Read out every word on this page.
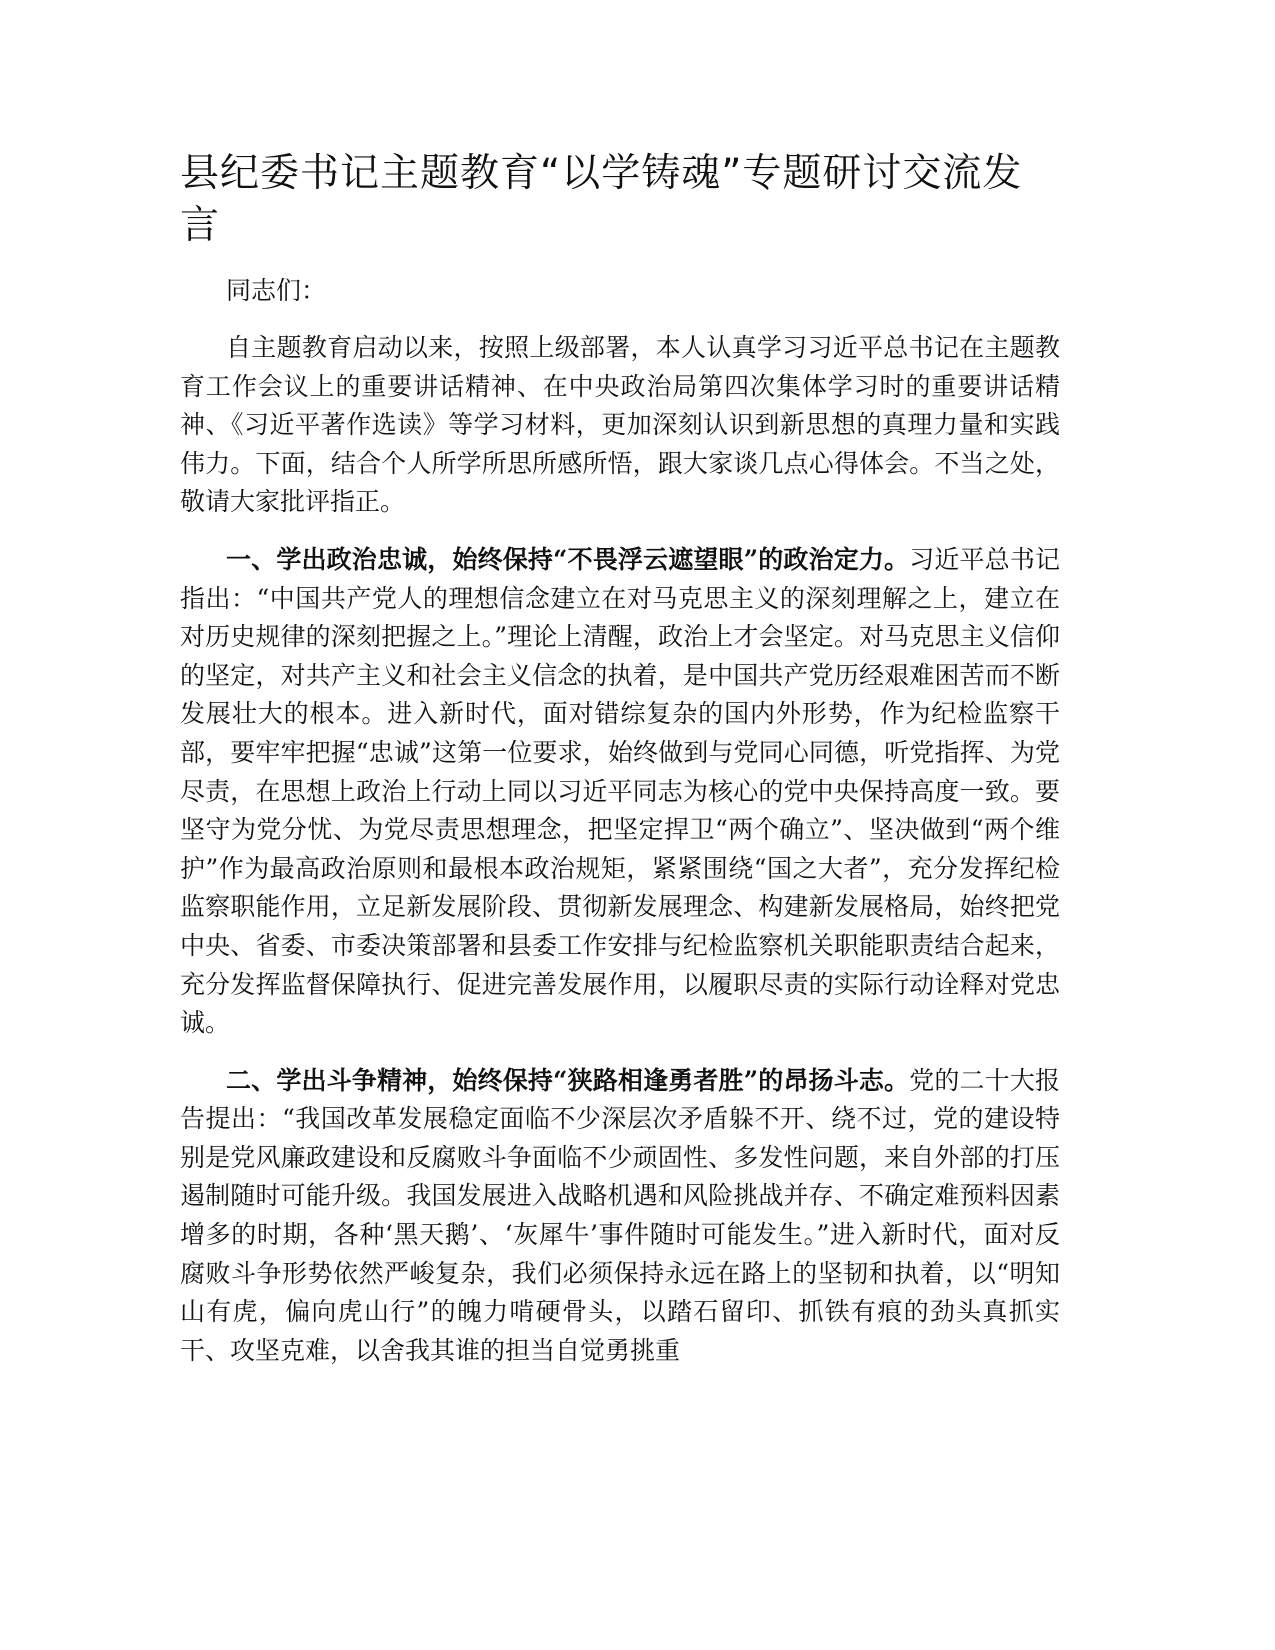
县纪委书记主题教育“以学铸魂”专题研讨交流发言

同志们：

自主题教育启动以来，按照上级部署，本人认真学习习近平总书记在主题教育工作会议上的重要讲话精神、在中央政治局第四次集体学习时的重要讲话精神、《习近平著作选读》等学习材料，更加深刻认识到新思想的真理力量和实践伟力。下面，结合个人所学所思所感所悟，跟大家谈几点心得体会。不当之处，敬请大家批评指正。

一、学出政治忠诚，始终保持“不畏浮云遮望眼”的政治定力。习近平总书记指出：“中国共产党人的理想信念建立在对马克思主义的深刻理解之上，建立在对历史规律的深刻把握之上。”理论上清醒，政治上才会坚定。对马克思主义信仰的坚定，对共产主义和社会主义信念的执着，是中国共产党历经艰难困苦而不断发展壮大的根本。进入新时代，面对错综复杂的国内外形势，作为纪检监察干部，要牢牢把握“忠诚”这第一位要求，始终做到与党同心同德，听党指挥、为党尽责，在思想上政治上行动上同以习近平同志为核心的党中央保持高度一致。要坚守为党分忧、为党尽责思想理念，把坚定捍卫“两个确立”、坚决做到“两个维护”作为最高政治原则和最根本政治规矩，紧紧围绕“国之大者”，充分发挥纪检监察职能作用，立足新发展阶段、贯彻新发展理念、构建新发展格局，始终把党中央、省委、市委决策部署和县委工作安排与纪检监察机关职能职责结合起来，充分发挥监督保障执行、促进完善发展作用，以履职尽责的实际行动诠释对党忠诚。

二、学出斗争精神，始终保持“狭路相逢勇者胜”的昂扬斗志。党的二十大报告提出：“我国改革发展稳定面临不少深层次矛盾躲不开、绕不过，党的建设特别是党风廉政建设和反腐败斗争面临不少顽固性、多发性问题，来自外部的打压遏制随时可能升级。我国发展进入战略机遇和风险挑战并存、不确定难预料因素增多的时期，各种‘黑天鹅’、‘灰犀牛’事件随时可能发生。”进入新时代，面对反腐败斗争形势依然严峻复杂，我们必须保持永远在路上的坚韧和执着，以“明知山有虎，偏向虎山行”的魄力啃硬骨头，以踏石留印、抓铁有痕的劲头真抓实干、攻坚克难，以舍我其谁的担当自觉勇挑重
